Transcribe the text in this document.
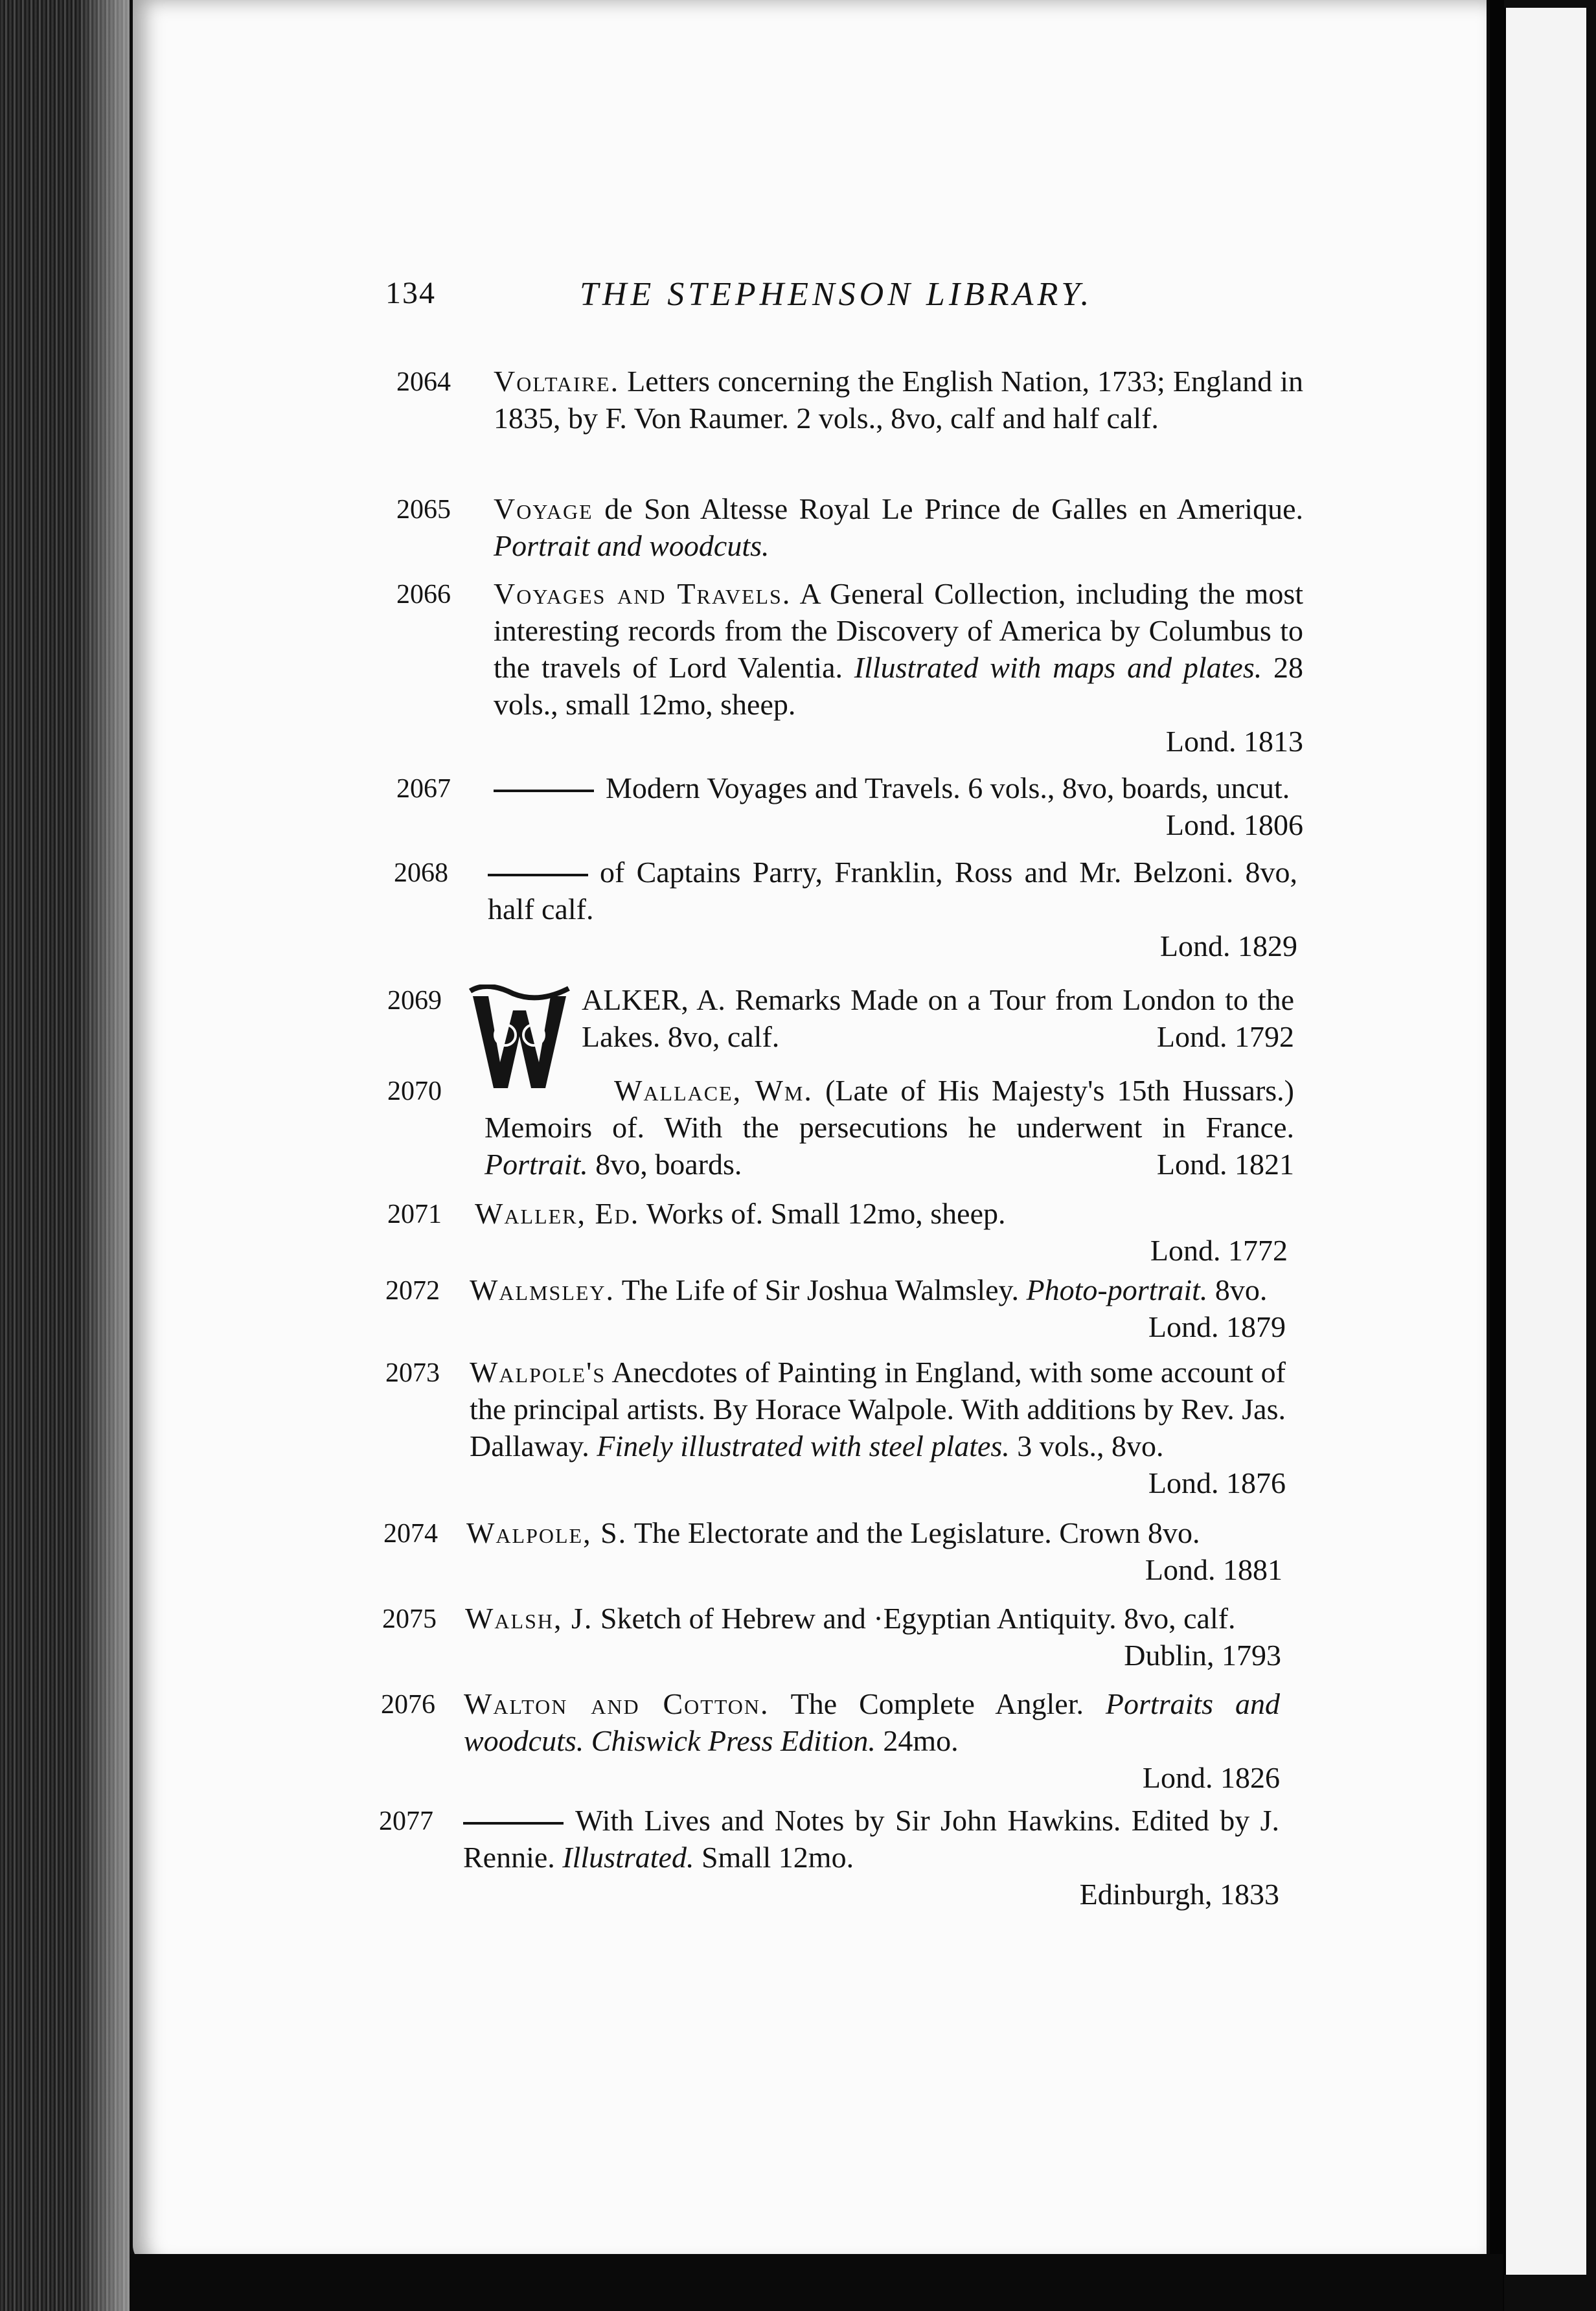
134	THE STEPHENSON LIBRARY.
2064 Voltaire. Letters concerning the English Nation, 1733; England in 1835, by F. Von Raumer. 2 vols., 8vo, calf and half calf.
2065 Voyage de Son Altesse Royal Le Prince de Galles en Amerique. Portrait and woodcuts.
2066 Voyages and Travels. A General Collection, including the most interesting records from the Discovery of America by Columbus to the travels of Lord Valentia. Illustrated with maps and plates. 28 vols., small 12mo, sheep.
Lond. 1813
2067	Modern Voyages and Travels. 6 vols., 8vo, boards, uncut.
Lond. 1806
2068	of Captains Parry, Franklin, Ross and Mr. Belzoni. 8vo, half calf.
Lond. 1829
2069	ALKER, A. Remarks Made on a Tour from London to the Lakes. 8vo, calf.	Lond. 1792
2070	Wallace, Wm. (Late of His Majesty's 15th Hussars.) Memoirs of. With the persecutions he underwent in France. Portrait. 8vo, boards.	Lond. 1821
2071 Waller, Ed. Works of. Small 12mo, sheep.
Lond. 1772
2072 Walmsley. The Life of Sir Joshua Walmsley. Photo-portrait. 8vo.
Lond. 1879
2073 Walpole's Anecdotes of Painting in England, with some account of the principal artists. By Horace Walpole. With additions by Rev. Jas. Dallaway. Finely illustrated with steel plates. 3 vols., 8vo.
Lond. 1876
2074 Walpole, S. The Electorate and the Legislature. Crown 8vo.
Lond. 1881
2075 Walsh, J. Sketch of Hebrew and ·Egyptian Antiquity. 8vo, calf.
Dublin, 1793
2076 Walton and Cotton. The Complete Angler. Portraits and woodcuts. Chiswick Press Edition. 24mo.
Lond. 1826
2077	With Lives and Notes by Sir John Hawkins. Edited by J. Rennie. Illustrated. Small 12mo.
Edinburgh, 1833
